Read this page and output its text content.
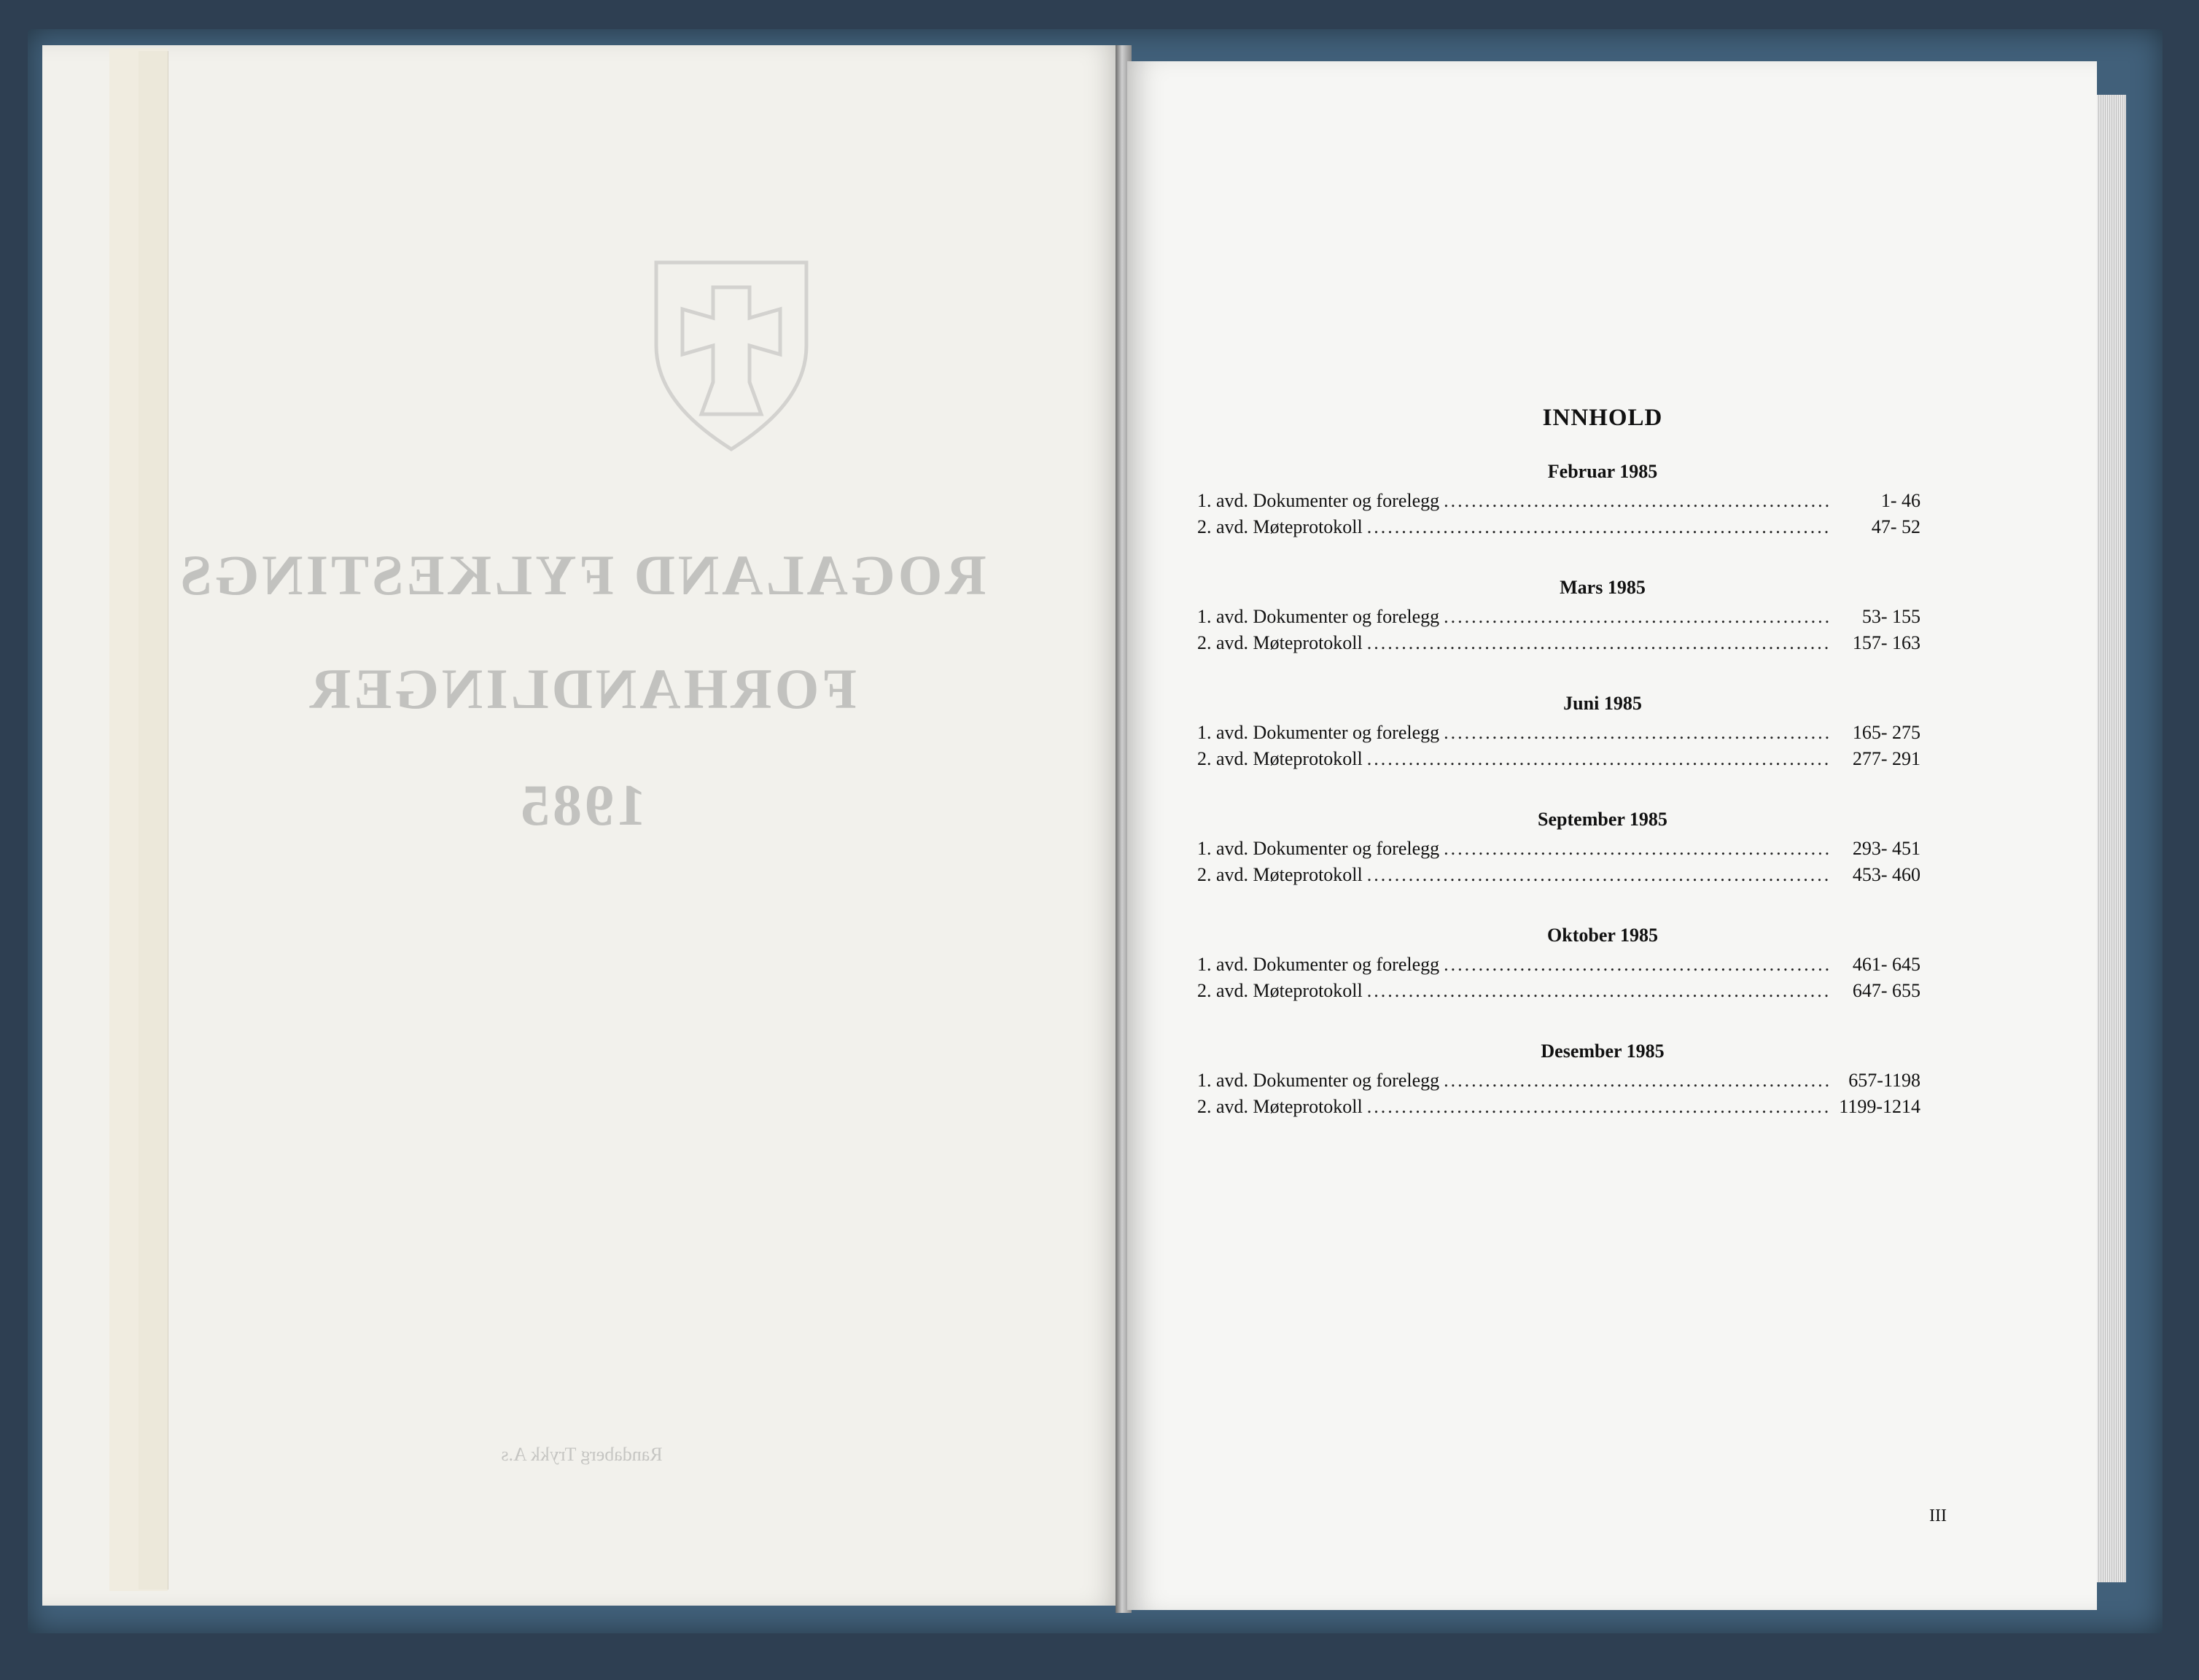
ROGALAND FYLKESTINGS
FORHANDLINGER
1985
Randaberg Trykk A.s
INNHOLD
Februar 1985
1. avd. Dokumenter og forelegg .....	1- 46
2. avd. Møteprotokoll .....	47- 52
Mars 1985
1. avd. Dokumenter og forelegg .....	53- 155
2. avd. Møteprotokoll .....	157- 163
Juni 1985
1. avd. Dokumenter og forelegg .....	165- 275
2. avd. Møteprotokoll .....	277- 291
September 1985
1. avd. Dokumenter og forelegg .....	293- 451
2. avd. Møteprotokoll .....	453- 460
Oktober 1985
1. avd. Dokumenter og forelegg .....	461- 645
2. avd. Møteprotokoll .....	647- 655
Desember 1985
1. avd. Dokumenter og forelegg .....	657-1198
2. avd. Møteprotokoll .....	1199-1214
III
